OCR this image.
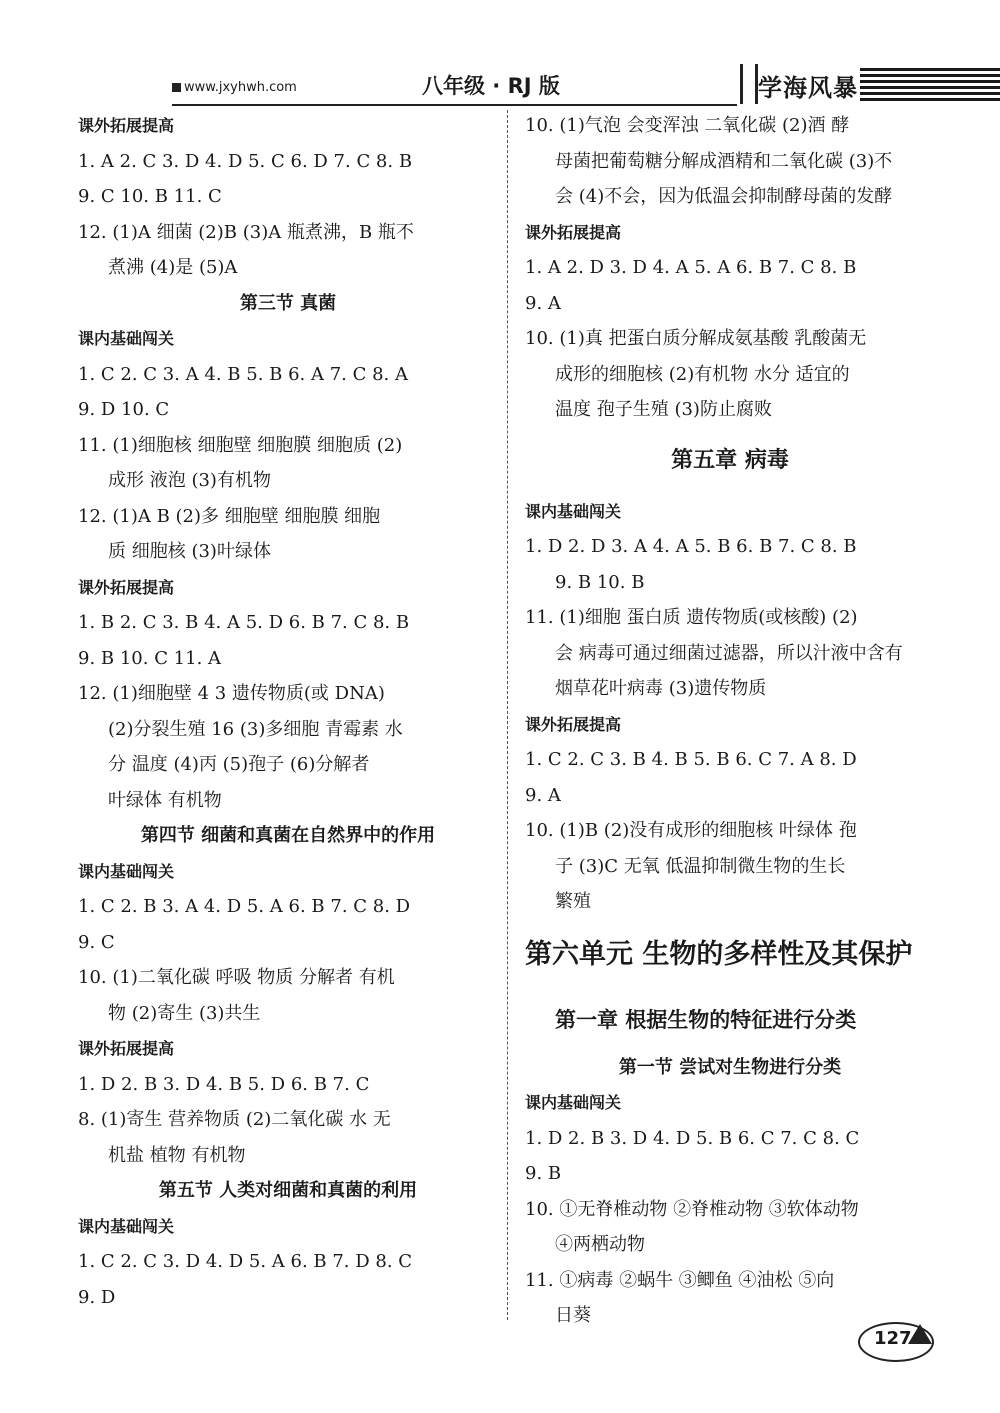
www.jxyhwh.com	八年级 · RJ 版	学海风暴
课外拓展提高
1. A 2. C 3. D 4. D 5. C 6. D 7. C 8. B
9. C 10. B 11. C
12. (1)A 细菌 (2)B (3)A 瓶煮沸，B 瓶不
煮沸 (4)是 (5)A
第三节 真菌
课内基础闯关
1. C 2. C 3. A 4. B 5. B 6. A 7. C 8. A
9. D 10. C
11. (1)细胞核 细胞壁 细胞膜 细胞质 (2)
成形 液泡 (3)有机物
12. (1)A B (2)多 细胞壁 细胞膜 细胞
质 细胞核 (3)叶绿体
课外拓展提高
1. B 2. C 3. B 4. A 5. D 6. B 7. C 8. B
9. B 10. C 11. A
12. (1)细胞壁 4 3 遗传物质(或 DNA)
(2)分裂生殖 16 (3)多细胞 青霉素 水
分 温度 (4)丙 (5)孢子 (6)分解者
叶绿体 有机物
第四节 细菌和真菌在自然界中的作用
课内基础闯关
1. C 2. B 3. A 4. D 5. A 6. B 7. C 8. D
9. C
10. (1)二氧化碳 呼吸 物质 分解者 有机
物 (2)寄生 (3)共生
课外拓展提高
1. D 2. B 3. D 4. B 5. D 6. B 7. C
8. (1)寄生 营养物质 (2)二氧化碳 水 无
机盐 植物 有机物
第五节 人类对细菌和真菌的利用
课内基础闯关
1. C 2. C 3. D 4. D 5. A 6. B 7. D 8. C
9. D
10. (1)气泡 会变浑浊 二氧化碳 (2)酒 酵
母菌把葡萄糖分解成酒精和二氧化碳 (3)不
会 (4)不会，因为低温会抑制酵母菌的发酵
课外拓展提高
1. A 2. D 3. D 4. A 5. A 6. B 7. C 8. B
9. A
10. (1)真 把蛋白质分解成氨基酸 乳酸菌无
成形的细胞核 (2)有机物 水分 适宜的
温度 孢子生殖 (3)防止腐败
第五章 病毒
课内基础闯关
1. D 2. D 3. A 4. A 5. B 6. B 7. C 8. B
9. B 10. B
11. (1)细胞 蛋白质 遗传物质(或核酸) (2)
会 病毒可通过细菌过滤器，所以汁液中含有
烟草花叶病毒 (3)遗传物质
课外拓展提高
1. C 2. C 3. B 4. B 5. B 6. C 7. A 8. D
9. A
10. (1)B (2)没有成形的细胞核 叶绿体 孢
子 (3)C 无氧 低温抑制微生物的生长
繁殖
第六单元 生物的多样性及其保护
第一章 根据生物的特征进行分类
第一节 尝试对生物进行分类
课内基础闯关
1. D 2. B 3. D 4. D 5. B 6. C 7. C 8. C
9. B
10. ①无脊椎动物 ②脊椎动物 ③软体动物
④两栖动物
11. ①病毒 ②蜗牛 ③鲫鱼 ④油松 ⑤向
日葵
127
